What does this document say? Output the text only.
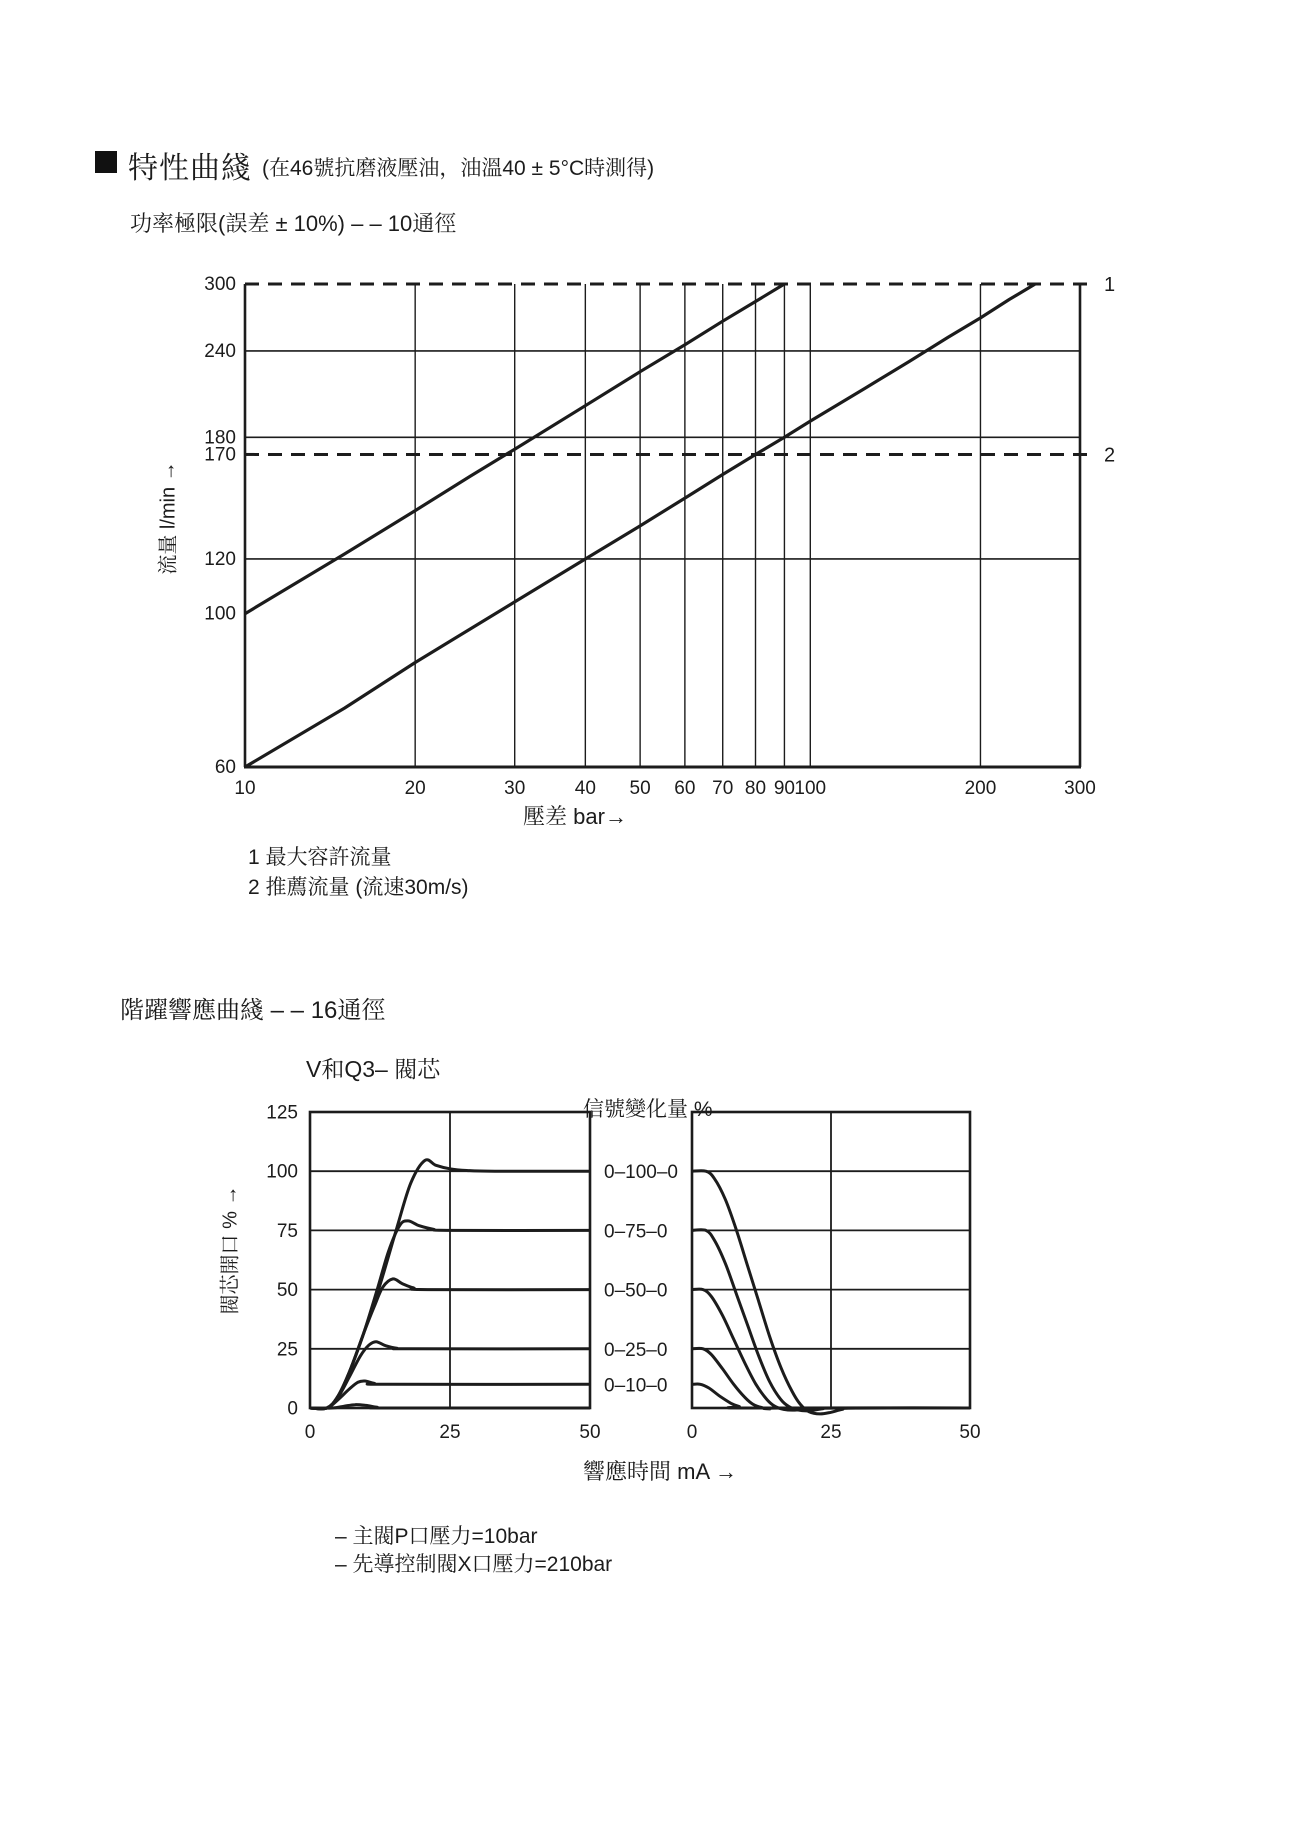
特性曲綫 (在46號抗磨液壓油，油溫40 ± 5°C時測得)
功率極限(誤差 ± 10%) – – 10通徑
1
2
300
240
180
170
120
100
60
10	20	30	40 50 60 70 80 90 100	200	300
流量 l/min →
壓差 bar→
1 最大容許流量
2 推薦流量 (流速30m/s)
階躍響應曲綫 – – 16通徑
V和Q3– 閥芯
信號變化量 %
0	25	50
125
100
75
50
25
0
0	25	50
0–100–0
0–75–0
0–50–0
0–25–0
0–10–0
閥芯開口 % →
響應時間 mA →
– 主閥P口壓力=10bar
– 先導控制閥X口壓力=210bar
